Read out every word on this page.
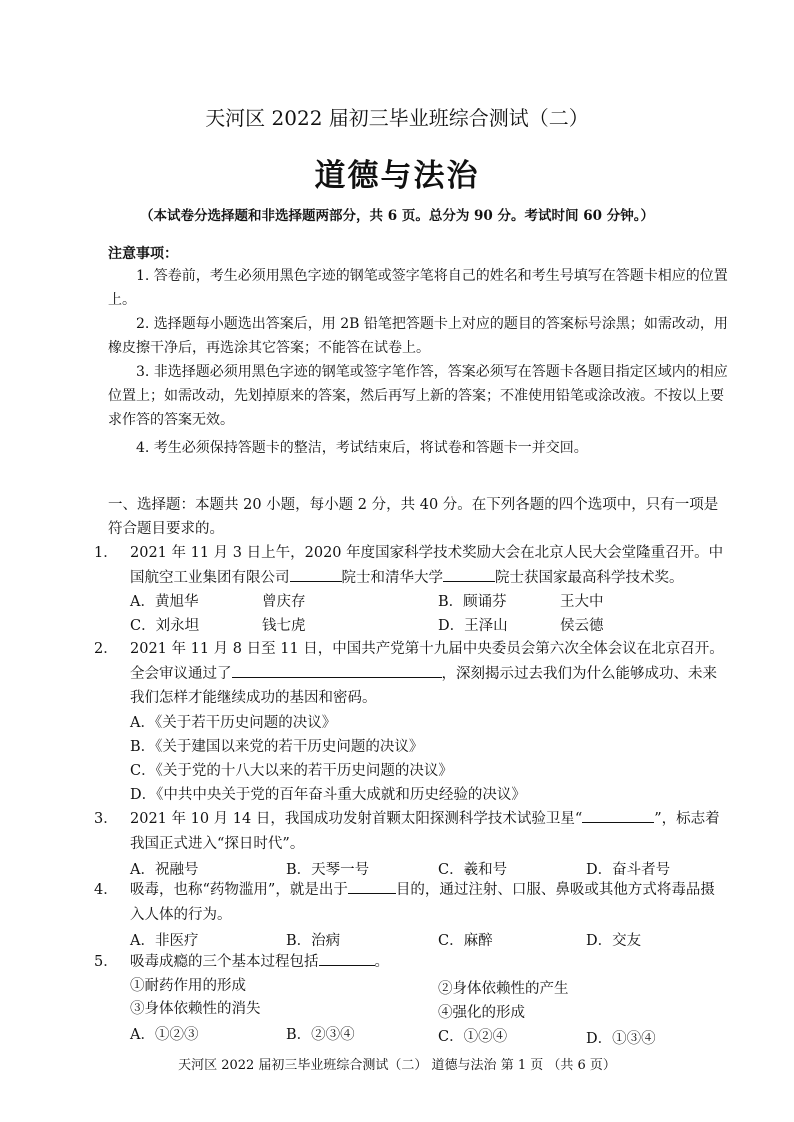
天河区 2022 届初三毕业班综合测试（二）
道德与法治
（本试卷分选择题和非选择题两部分，共 6 页。总分为 90 分。考试时间 60 分钟。）
注意事项：

1. 答卷前，考生必须用黑色字迹的钢笔或签字笔将自己的姓名和考生号填写在答题卡相应的位置上。

2. 选择题每小题选出答案后，用 2B 铅笔把答题卡上对应的题目的答案标号涂黑；如需改动，用橡皮擦干净后，再选涂其它答案；不能答在试卷上。

3. 非选择题必须用黑色字迹的钢笔或签字笔作答，答案必须写在答题卡各题目指定区域内的相应位置上；如需改动，先划掉原来的答案，然后再写上新的答案；不准使用铅笔或涂改液。不按以上要求作答的答案无效。

4. 考生必须保持答题卡的整洁，考试结束后，将试卷和答题卡一并交回。

一、选择题：本题共 20 小题，每小题 2 分，共 40 分。在下列各题的四个选项中，只有一项是符合题目要求的。

1． 2021 年 11 月 3 日上午，2020 年度国家科学技术奖励大会在北京人民大会堂隆重召开。中国航空工业集团有限公司	院士和清华大学	院士获国家最高科学技术奖。

A．黄旭华	曾庆存	B．顾诵芬	王大中
C．刘永坦	钱七虎	D．王泽山	侯云德

2． 2021 年 11 月 8 日至 11 日，中国共产党第十九届中央委员会第六次全体会议在北京召开。全会审议通过了	，深刻揭示过去我们为什么能够成功、未来我们怎样才能继续成功的基因和密码。

A．《关于若干历史问题的决议》
B．《关于建国以来党的若干历史问题的决议》
C．《关于党的十八大以来的若干历史问题的决议》
D．《中共中央关于党的百年奋斗重大成就和历史经验的决议》

3． 2021 年 10 月 14 日，我国成功发射首颗太阳探测科学技术试验卫星“	”，标志着我国正式进入“探日时代”。

A．祝融号	B．天琴一号	C．羲和号	D．奋斗者号

4． 吸毒，也称“药物滥用”，就是出于	目的，通过注射、口服、鼻吸或其他方式将毒品摄入人体的行为。

A．非医疗	B．治病	C．麻醉	D．交友

5． 吸毒成瘾的三个基本过程包括	。

①耐药作用的形成	②身体依赖性的产生
③身体依赖性的消失	④强化的形成
A．①②③	B．②③④	C．①②④	D．①③④
天河区 2022 届初三毕业班综合测试（二） 道德与法治 第 1 页 （共 6 页）
